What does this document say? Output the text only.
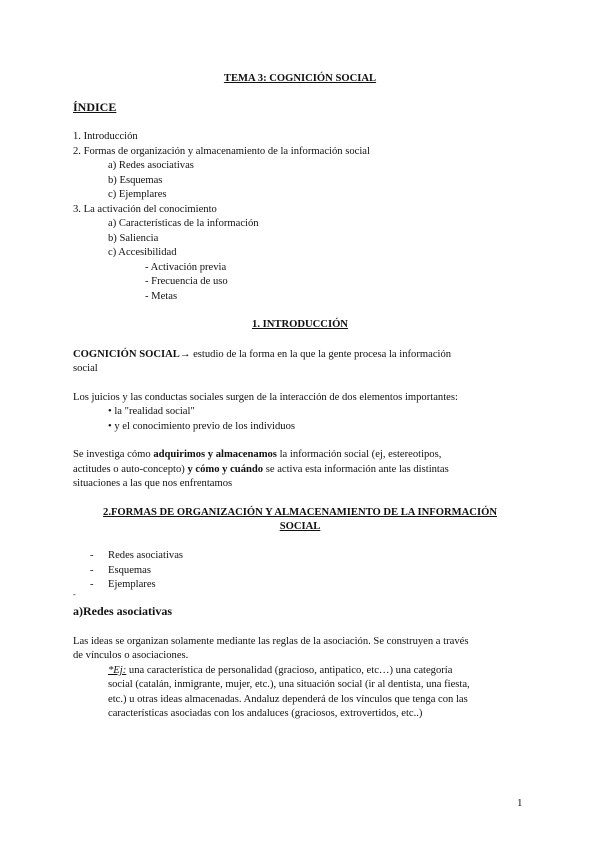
TEMA 3: COGNICIÓN SOCIAL
ÍNDICE
1. Introducción
2. Formas de organización y almacenamiento de la información social
a) Redes asociativas
b) Esquemas
c) Ejemplares
3. La activación del conocimiento
a) Características de la información
b) Saliencia
c) Accesibilidad
- Activación previa
- Frecuencia de uso
- Metas
1. INTRODUCCIÓN
COGNICIÓN SOCIAL→ estudio de la forma en la que la gente procesa la información
social
Los juicios y las conductas sociales surgen de la interacción de dos elementos importantes:
• la "realidad social"
• y el conocimiento previo de los individuos
Se investiga cómo adquirimos y almacenamos la información social (ej, estereotipos,
actitudes o auto-concepto) y cómo y cuándo se activa esta información ante las distintas
situaciones a las que nos enfrentamos
2.FORMAS DE ORGANIZACIÓN Y ALMACENAMIENTO DE LA INFORMACIÓN
SOCIAL
- Redes asociativas
- Esquemas
- Ejemplares
-
a)Redes asociativas
Las ideas se organizan solamente mediante las reglas de la asociación. Se construyen a través
de vínculos o asociaciones.
*Ej: una característica de personalidad (gracioso, antipatico, etc…) una categoría
social (catalán, inmigrante, mujer, etc.), una situación social (ir al dentista, una fiesta,
etc.) u otras ideas almacenadas. Andaluz dependerá de los vínculos que tenga con las
características asociadas con los andaluces (graciosos, extrovertidos, etc..)
1
